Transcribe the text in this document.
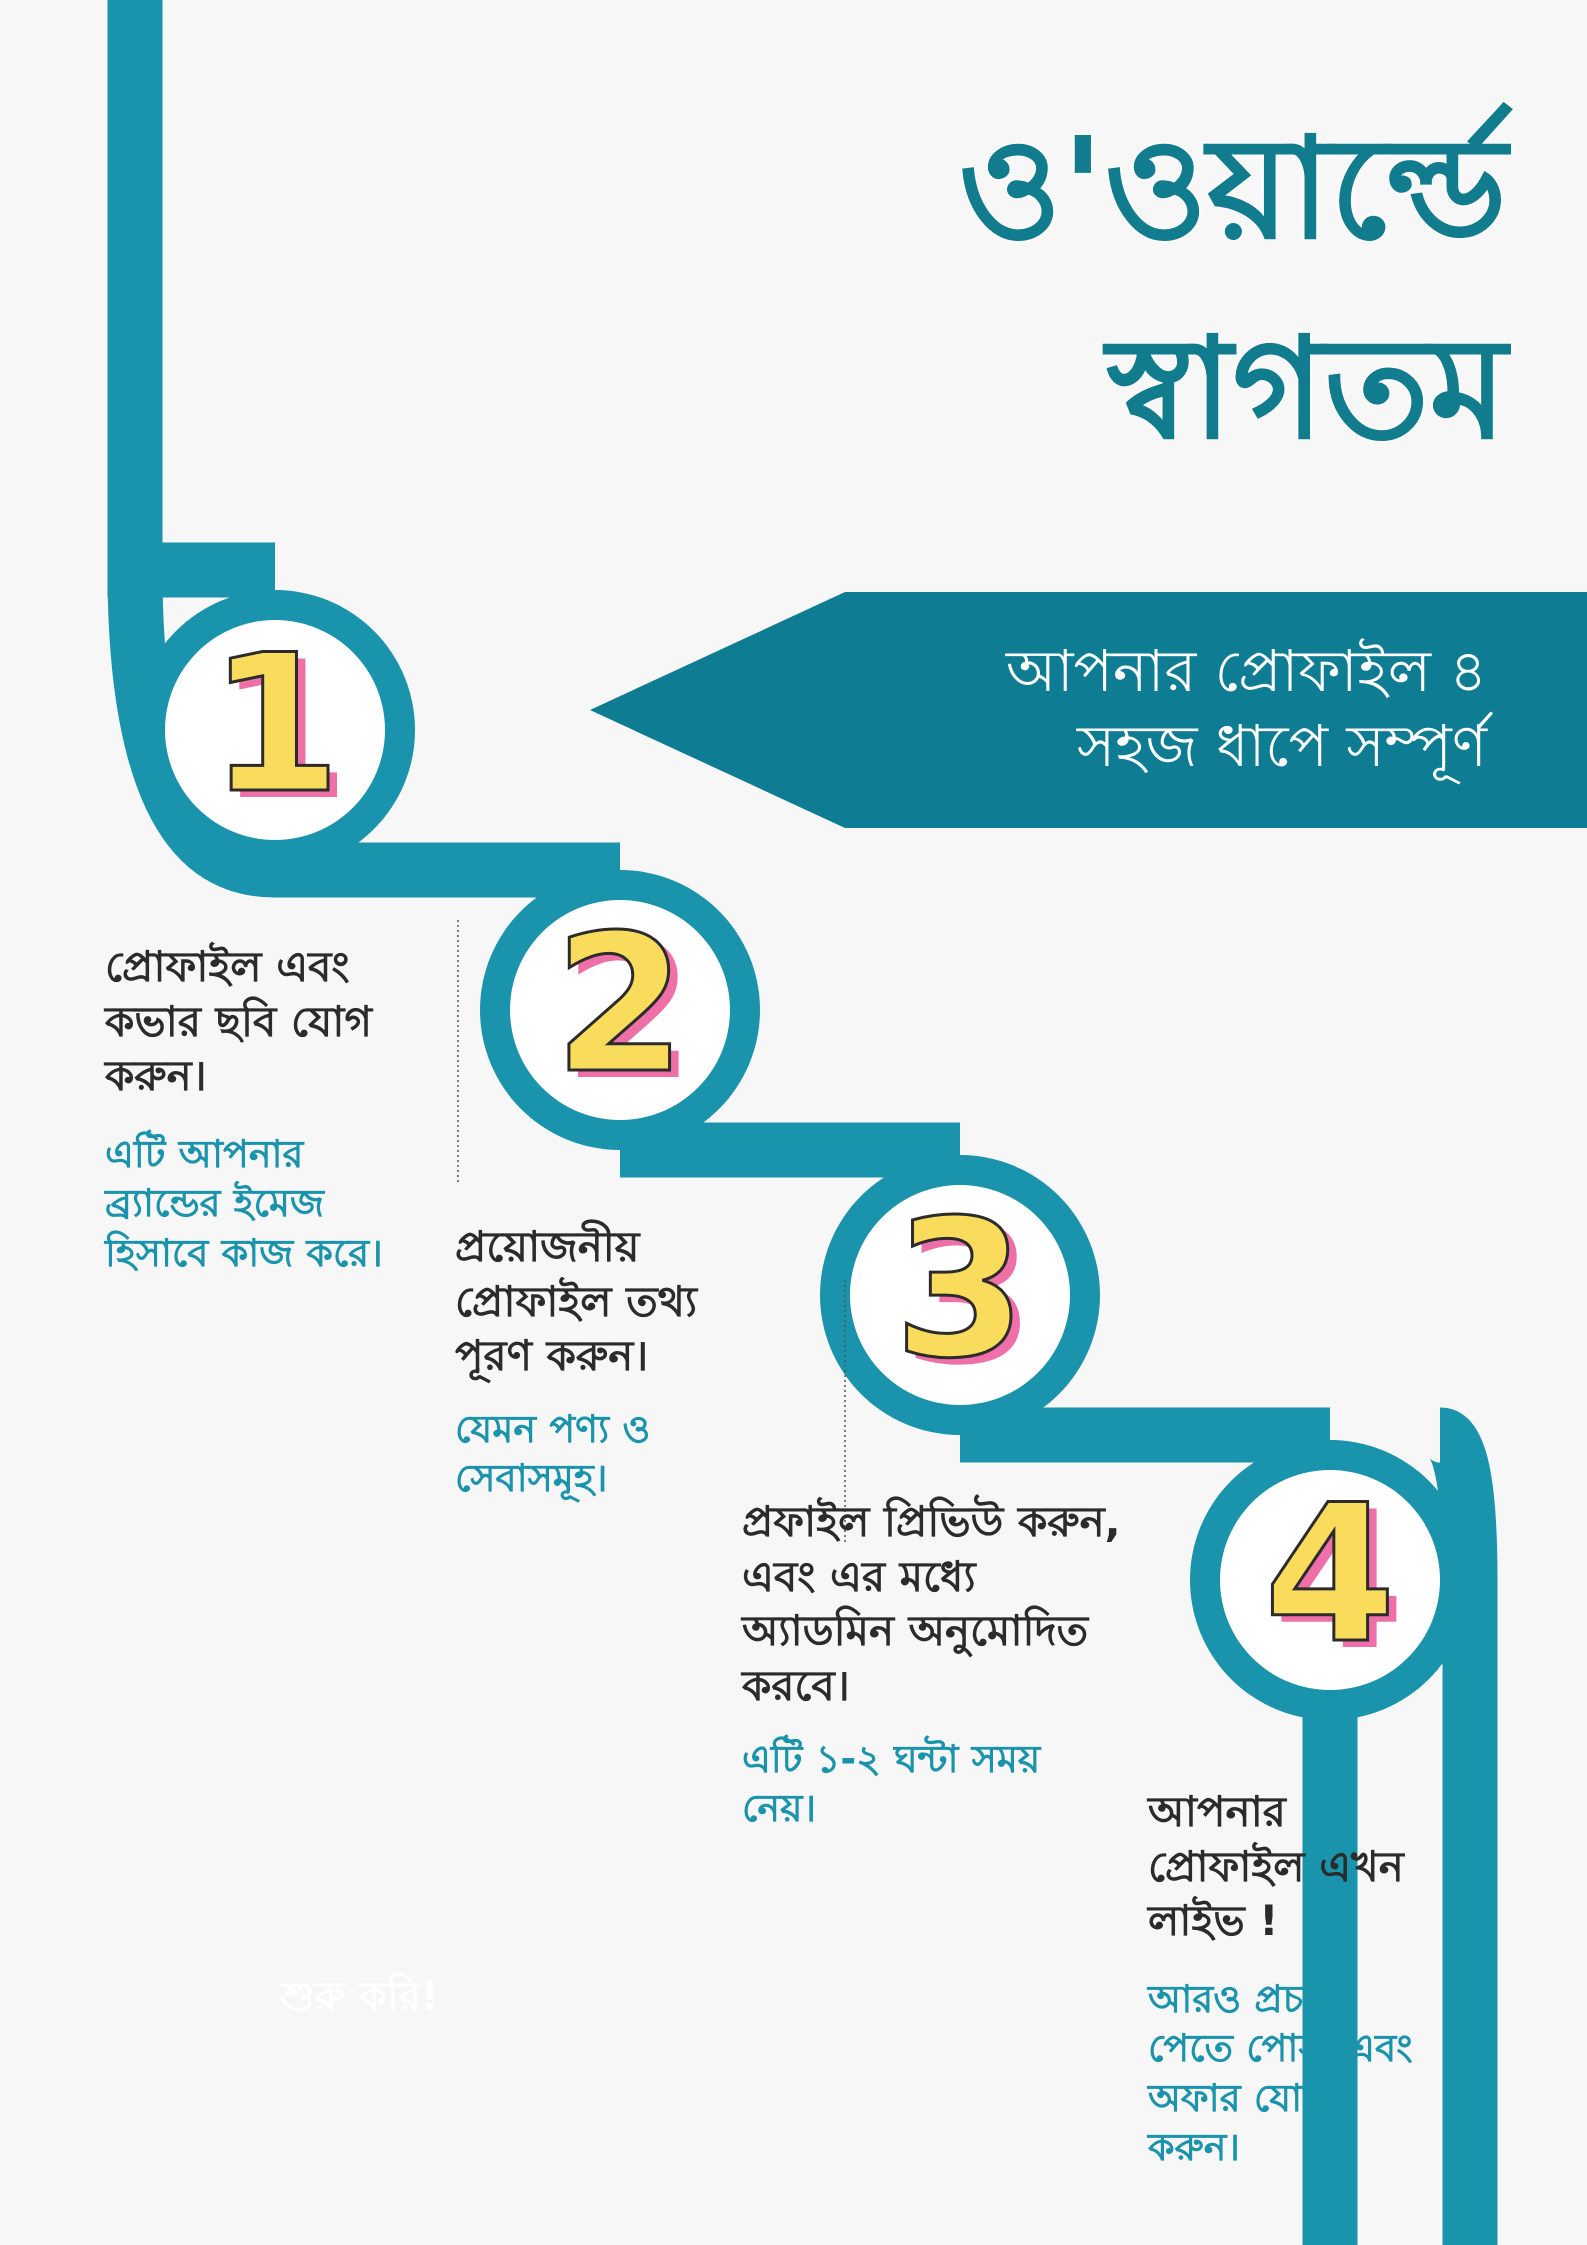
ও'ওয়ার্ল্ডে
স্বাগতম
আপনার প্রোফাইল ৪
সহজ ধাপে সম্পূর্ণ
1
2
3
4
প্রোফাইল এবং কভার ছবি যোগ করুন।
এটি আপনার ব্র্যান্ডের ইমেজ হিসাবে কাজ করে। প্রয়োজনীয় প্রোফাইল তথ্য পূরণ করুন।
যেমন পণ্য ও সেবাসমূহ।
প্রফাইল প্রিভিউ করুন, এবং এর মধ্যে অ্যাডমিন অনুমোদিত করবে।
এটি ১-২ ঘন্টা সময় নেয়।	আপনার প্রোফাইল এখন লাইভ !
আরও প্রচার পেতে পোস্ট এবং অফার যোগ করুন।
শুরু করি!
